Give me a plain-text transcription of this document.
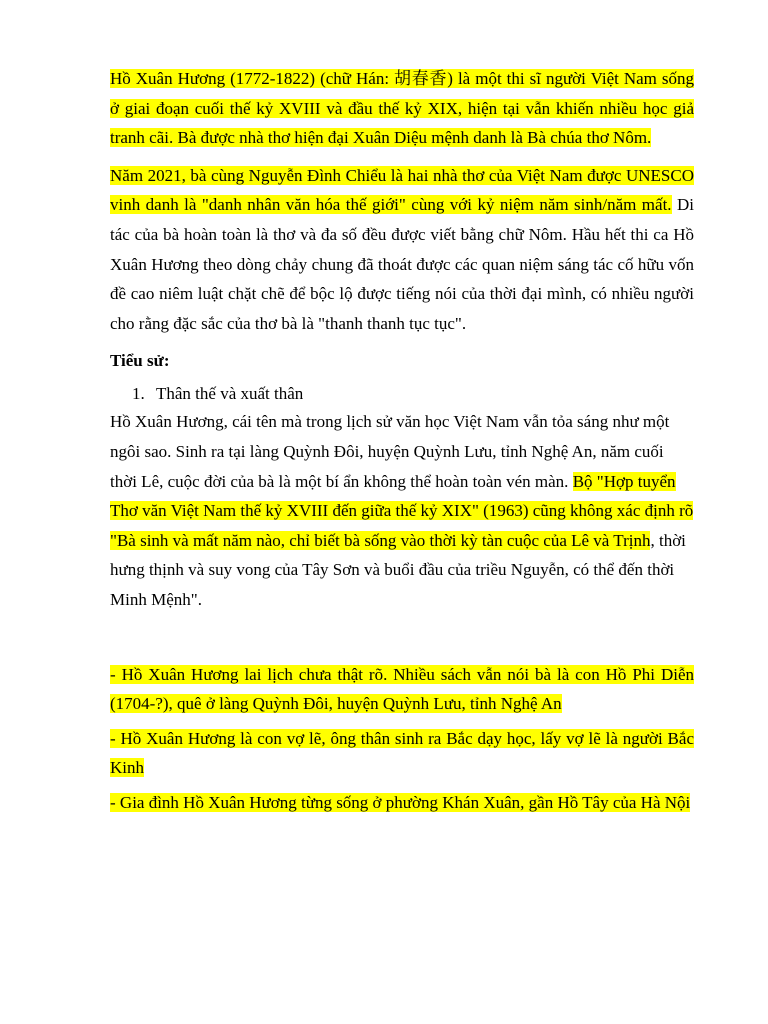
Hồ Xuân Hương (1772-1822) (chữ Hán: 胡春香) là một thi sĩ người Việt Nam sống ở giai đoạn cuối thế kỷ XVIII và đầu thế kỷ XIX, hiện tại vẫn khiến nhiều học giả tranh cãi. Bà được nhà thơ hiện đại Xuân Diệu mệnh danh là Bà chúa thơ Nôm.

Năm 2021, bà cùng Nguyễn Đình Chiểu là hai nhà thơ của Việt Nam được UNESCO vinh danh là "danh nhân văn hóa thế giới" cùng với kỷ niệm năm sinh/năm mất. Di tác của bà hoàn toàn là thơ và đa số đều được viết bằng chữ Nôm. Hầu hết thi ca Hồ Xuân Hương theo dòng chảy chung đã thoát được các quan niệm sáng tác cố hữu vốn đề cao niêm luật chặt chẽ để bộc lộ được tiếng nói của thời đại mình, có nhiều người cho rằng đặc sắc của thơ bà là "thanh thanh tục tục".

Tiểu sử:

1. Thân thế và xuất thân

Hồ Xuân Hương, cái tên mà trong lịch sử văn học Việt Nam vẫn tỏa sáng như một ngôi sao. Sinh ra tại làng Quỳnh Đôi, huyện Quỳnh Lưu, tỉnh Nghệ An, năm cuối thời Lê, cuộc đời của bà là một bí ẩn không thể hoàn toàn vén màn. Bộ "Hợp tuyển Thơ văn Việt Nam thế kỷ XVIII đến giữa thế kỷ XIX" (1963) cũng không xác định rõ "Bà sinh và mất năm nào, chỉ biết bà sống vào thời kỳ tàn cuộc của Lê và Trịnh, thời hưng thịnh và suy vong của Tây Sơn và buổi đầu của triều Nguyễn, có thể đến thời Minh Mệnh".

- Hồ Xuân Hương lai lịch chưa thật rõ. Nhiều sách vẫn nói bà là con Hồ Phi Diễn (1704-?), quê ở làng Quỳnh Đôi, huyện Quỳnh Lưu, tỉnh Nghệ An

- Hồ Xuân Hương là con vợ lẽ, ông thân sinh ra Bắc dạy học, lấy vợ lẽ là người Bắc Kinh

- Gia đình Hồ Xuân Hương từng sống ở phường Khán Xuân, gần Hồ Tây của Hà Nội
